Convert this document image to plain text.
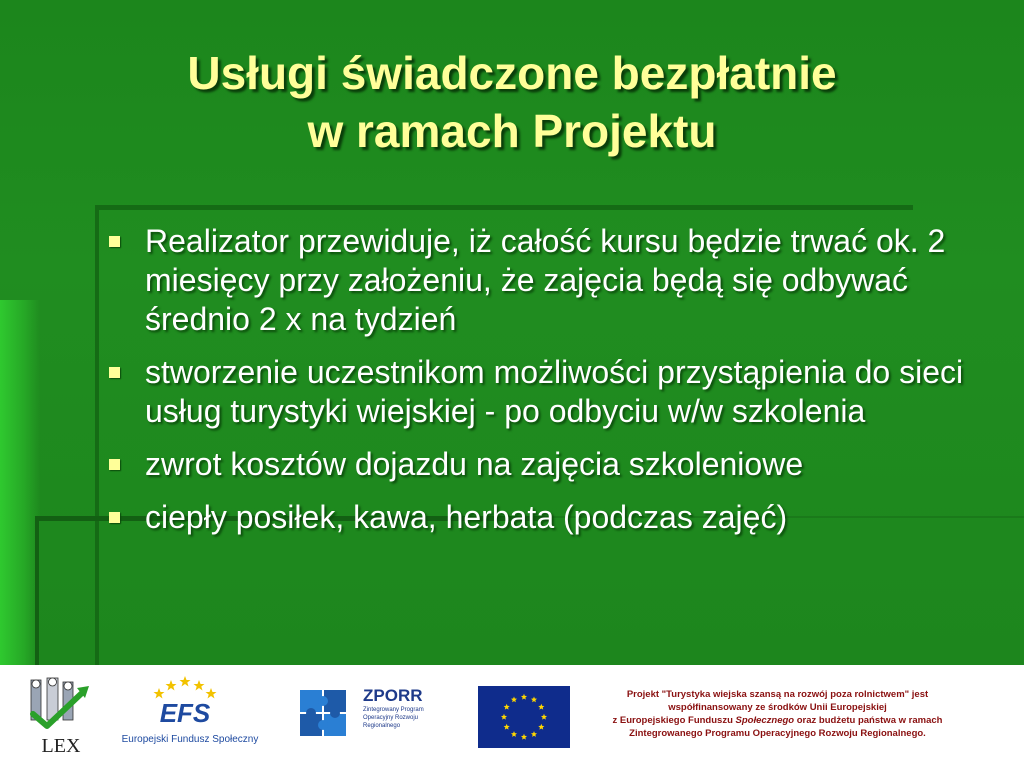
Usługi świadczone bezpłatnie
w ramach Projektu
Realizator przewiduje, iż całość kursu będzie trwać ok. 2 miesięcy przy założeniu, że zajęcia będą się odbywać średnio 2 x na tydzień
stworzenie uczestnikom możliwości przystąpienia do sieci usług turystyki wiejskiej - po odbyciu w/w szkolenia
zwrot kosztów dojazdu na zajęcia szkoleniowe
ciepły posiłek, kawa, herbata (podczas zajęć)
LEX
EFS
Europejski Fundusz Społeczny
ZPORR
Zintegrowany Program Operacyjny Rozwoju Regionalnego
Projekt "Turystyka wiejska szansą na rozwój poza rolnictwem" jest
współfinansowany ze środków Unii Europejskiej
z Europejskiego Funduszu Społecznego oraz budżetu państwa w ramach
Zintegrowanego Programu Operacyjnego Rozwoju Regionalnego.
